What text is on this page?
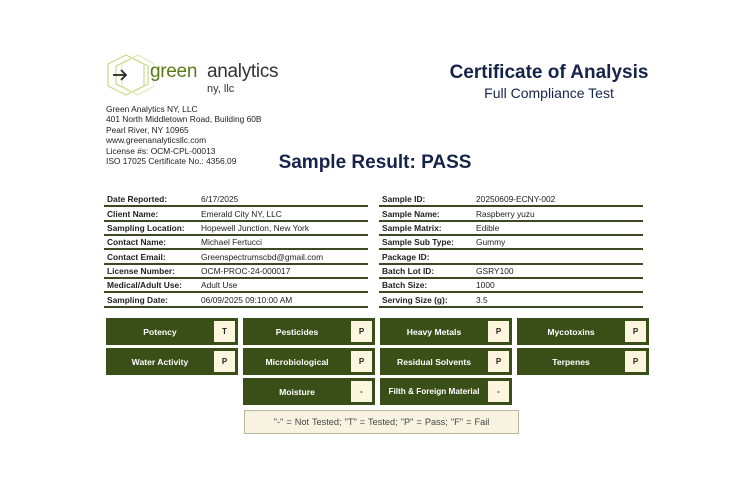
green analytics
ny, llc
Green Analytics NY, LLC
401 North Middletown Road, Building 60B
Pearl River, NY 10965
www.greenanalyticsllc.com
License #s: OCM-CPL-00013
ISO 17025 Certificate No.: 4356.09
Certificate of Analysis
Full Compliance Test
Sample Result: PASS
Date Reported:	6/17/2025
Client Name:	Emerald City NY, LLC
Sampling Location:	Hopewell Junction, New York
Contact Name:	Michael Fertucci
Contact Email:	Greenspectrumscbd@gmail.com
License Number:	OCM-PROC-24-000017
Medical/Adult Use:	Adult Use
Sampling Date:	06/09/2025 09:10:00 AM
Sample ID:	20250609-ECNY-002
Sample Name:	Raspberry yuzu
Sample Matrix:	Edible
Sample Sub Type:	Gummy
Package ID:
Batch Lot ID:	GSRY100
Batch Size:	1000
Serving Size (g):	3.5
Potency	T	Pesticides	P	Heavy Metals	P	Mycotoxins	P
Water Activity	P	Microbiological	P	Residual Solvents	P	Terpenes	P
Moisture	-	Filth & Foreign Material	-
"-" = Not Tested; "T" = Tested; "P" = Pass; "F" = Fail
